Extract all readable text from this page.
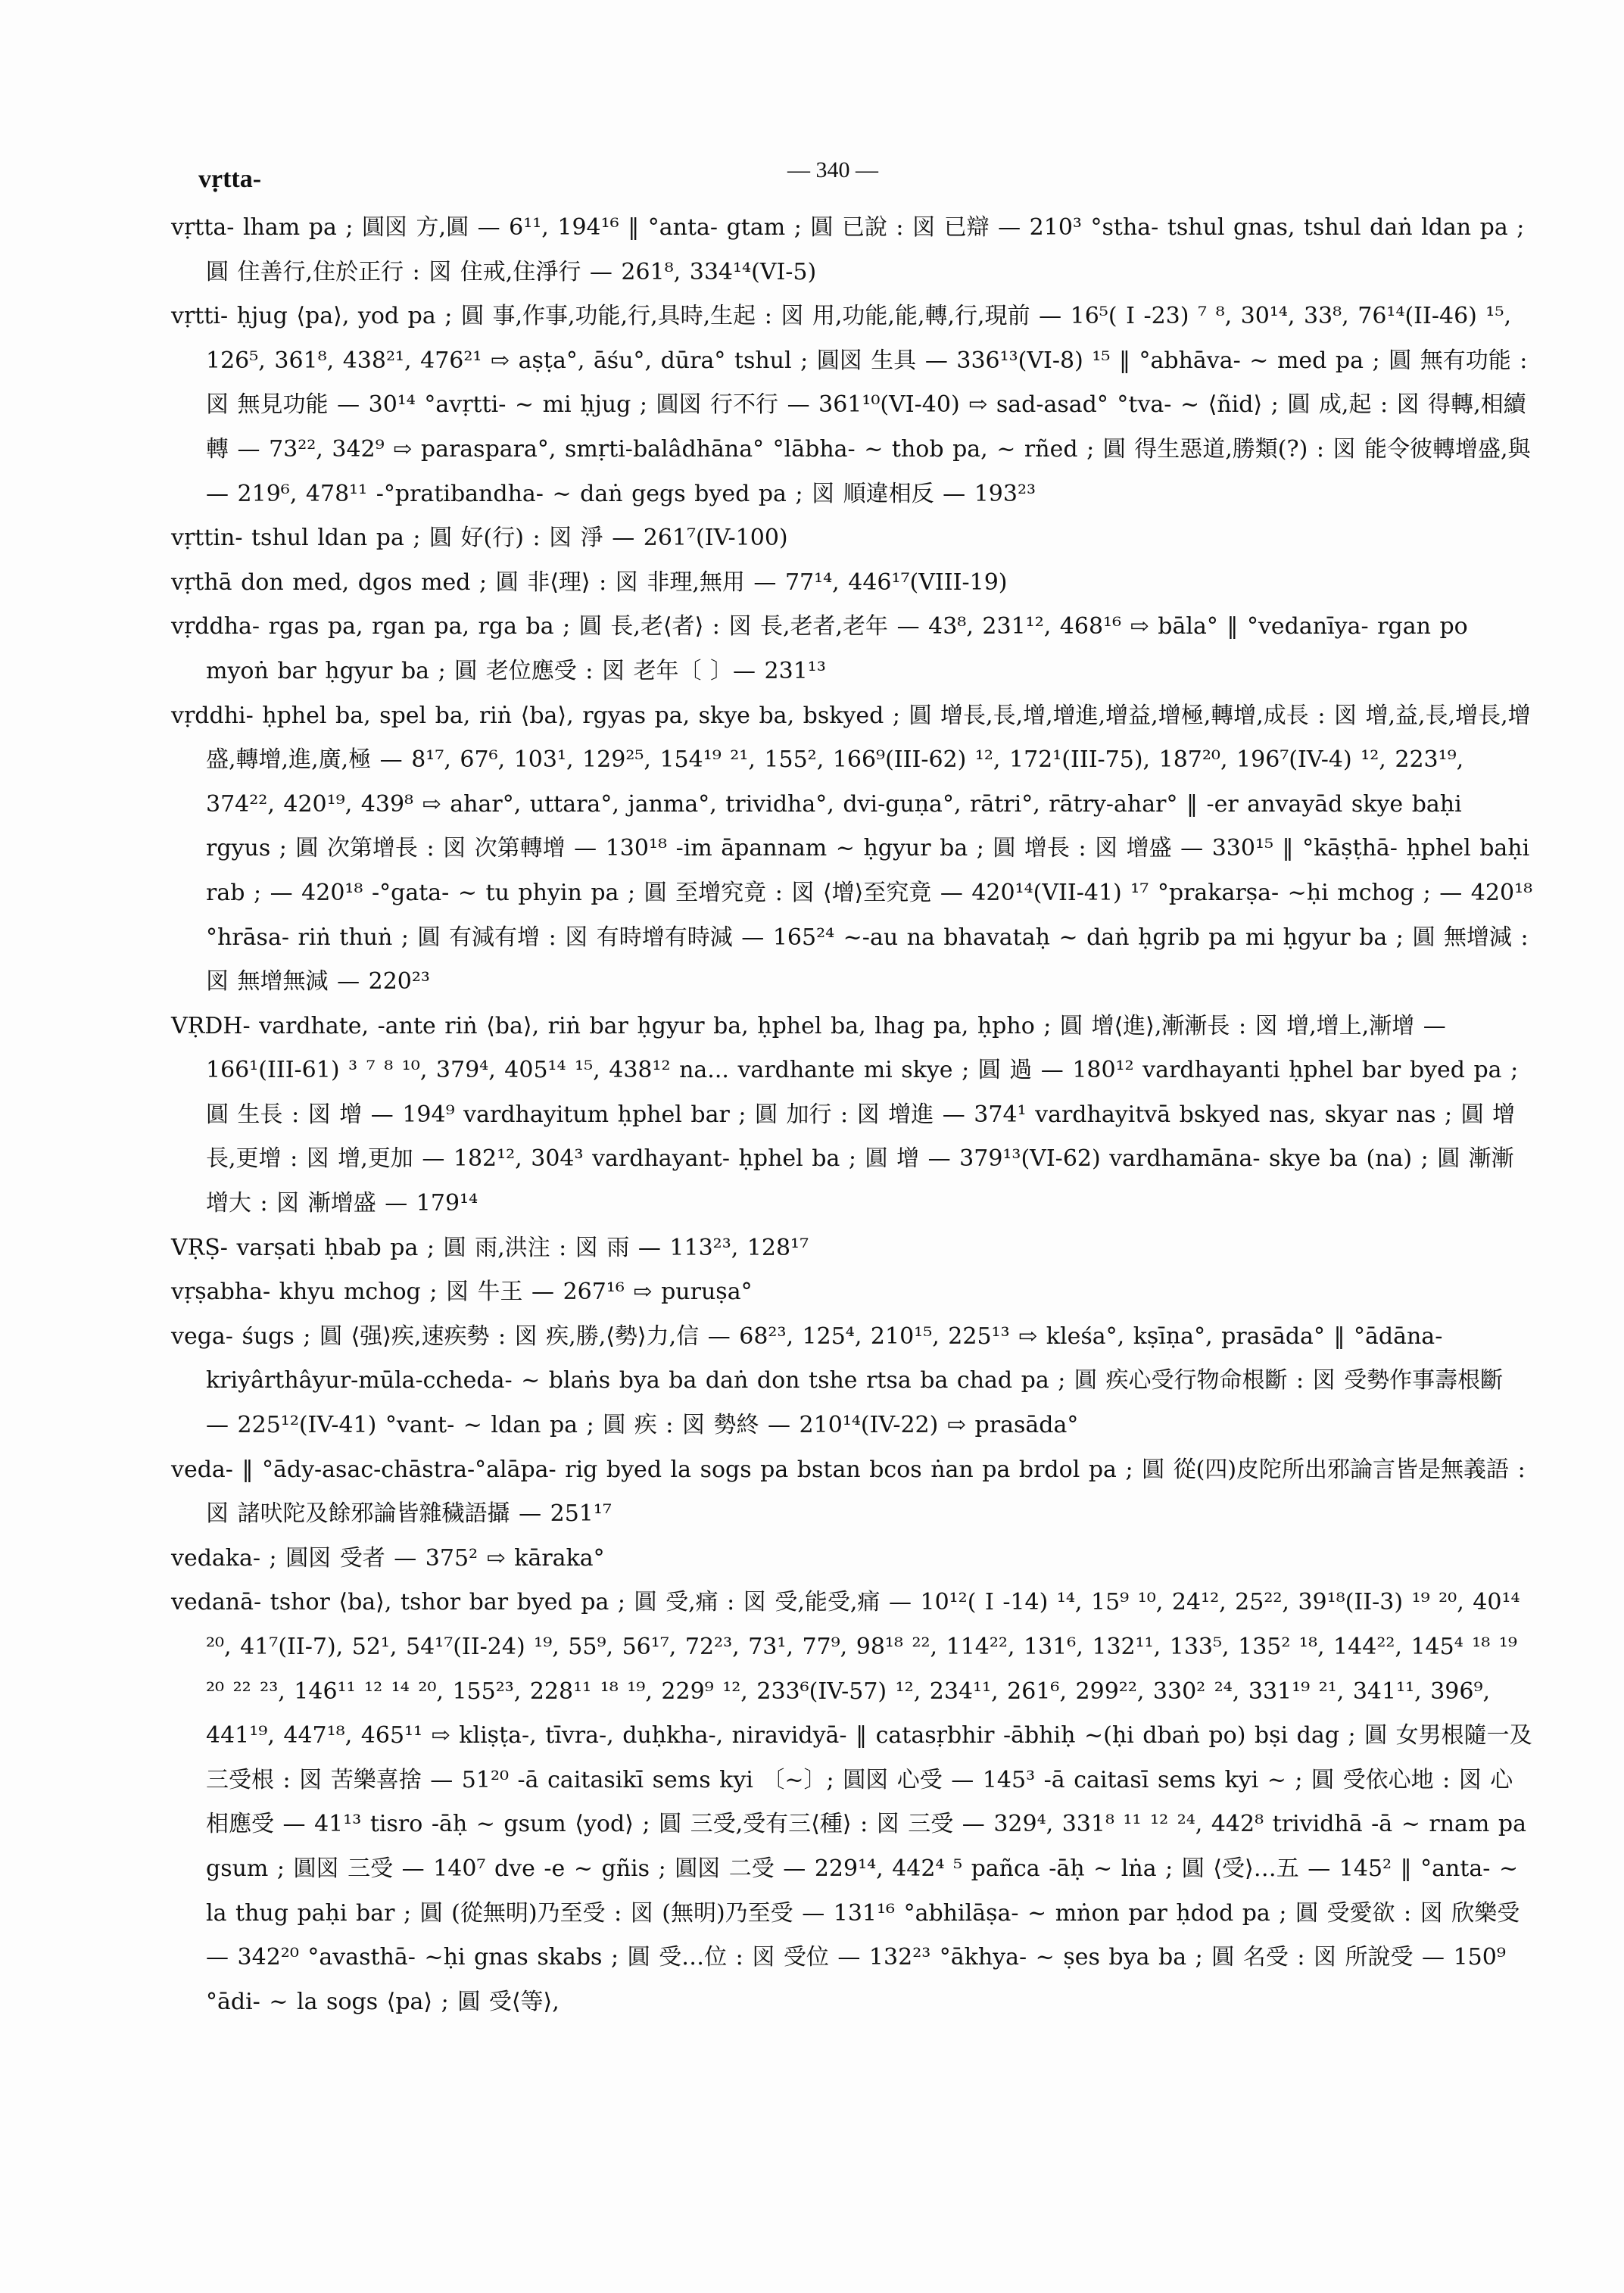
vṛtta-	— 340 —

vṛtta- lham pa ; 圓図 方,圓 — 6¹¹, 194¹⁶ ‖ °anta- gtam ; 圓 已說 : 図 已辯 — 210³ °stha- tshul gnas, tshul daṅ ldan pa ; 圓 住善行,住於正行 : 図 住戒,住淨行 — 261⁸, 334¹⁴(VI-5)

vṛtti- ḥjug ⟨pa⟩, yod pa ; 圓 事,作事,功能,行,具時,生起 : 図 用,功能,能,轉,行,現前 — 16⁵( I -23) ⁷ ⁸, 30¹⁴, 33⁸, 76¹⁴(II-46) ¹⁵, 126⁵, 361⁸, 438²¹, 476²¹ ⇨ aṣṭa°, āśu°, dūra° tshul ; 圓図 生具 — 336¹³(VI-8) ¹⁵ ‖ °abhāva- ~ med pa ; 圓 無有功能 : 図 無見功能 — 30¹⁴ °avṛtti- ~ mi ḥjug ; 圓図 行不行 — 361¹⁰(VI-40) ⇨ sad-asad° °tva- ~ ⟨ñid⟩ ; 圓 成,起 : 図 得轉,相續轉 — 73²², 342⁹ ⇨ paraspara°, smṛti-balâdhāna° °lābha- ~ thob pa, ~ rñed ; 圓 得生惡道,勝類(?) : 図 能令彼轉增盛,與 — 219⁶, 478¹¹ -°pratibandha- ~ daṅ gegs byed pa ; 図 順違相反 — 193²³

vṛttin- tshul ldan pa ; 圓 好(行) : 図 淨 — 261⁷(IV-100)

vṛthā don med, dgos med ; 圓 非⟨理⟩ : 図 非理,無用 — 77¹⁴, 446¹⁷(VIII-19)

vṛddha- rgas pa, rgan pa, rga ba ; 圓 長,老⟨者⟩ : 図 長,老者,老年 — 43⁸, 231¹², 468¹⁶ ⇨ bāla° ‖ °vedanīya- rgan po myoṅ bar ḥgyur ba ; 圓 老位應受 : 図 老年〔 〕— 231¹³

vṛddhi- ḥphel ba, spel ba, riṅ ⟨ba⟩, rgyas pa, skye ba, bskyed ; 圓 增長,長,增,增進,增益,增極,轉增,成長 : 図 增,益,長,增長,增盛,轉增,進,廣,極 — 8¹⁷, 67⁶, 103¹, 129²⁵, 154¹⁹ ²¹, 155², 166⁹(III-62) ¹², 172¹(III-75), 187²⁰, 196⁷(IV-4) ¹², 223¹⁹, 374²², 420¹⁹, 439⁸ ⇨ ahar°, uttara°, janma°, trividha°, dvi-guṇa°, rātri°, rātry-ahar° ‖ -er anvayād skye baḥi rgyus ; 圓 次第增長 : 図 次第轉增 — 130¹⁸ -im āpannam ~ ḥgyur ba ; 圓 增長 : 図 增盛 — 330¹⁵ ‖ °kāṣṭhā- ḥphel baḥi rab ; — 420¹⁸ -°gata- ~ tu phyin pa ; 圓 至增究竟 : 図 ⟨增⟩至究竟 — 420¹⁴(VII-41) ¹⁷ °prakarṣa- ~ḥi mchog ; — 420¹⁸ °hrāsa- riṅ thuṅ ; 圓 有減有增 : 図 有時增有時減 — 165²⁴ ~-au na bhavataḥ ~ daṅ ḥgrib pa mi ḥgyur ba ; 圓 無增減 : 図 無增無減 — 220²³

VṚDH- vardhate, -ante riṅ ⟨ba⟩, riṅ bar ḥgyur ba, ḥphel ba, lhag pa, ḥpho ; 圓 增⟨進⟩,漸漸長 : 図 增,增上,漸增 — 166¹(III-61) ³ ⁷ ⁸ ¹⁰, 379⁴, 405¹⁴ ¹⁵, 438¹² na... vardhante mi skye ; 圓 過 — 180¹² vardhayanti ḥphel bar byed pa ; 圓 生長 : 図 增 — 194⁹ vardhayitum ḥphel bar ; 圓 加行 : 図 增進 — 374¹ vardhayitvā bskyed nas, skyar nas ; 圓 增長,更增 : 図 增,更加 — 182¹², 304³ vardhayant- ḥphel ba ; 圓 增 — 379¹³(VI-62) vardhamāna- skye ba (na) ; 圓 漸漸增大 : 図 漸增盛 — 179¹⁴

VṚṢ- varṣati ḥbab pa ; 圓 雨,洪注 : 図 雨 — 113²³, 128¹⁷

vṛṣabha- khyu mchog ; 図 牛王 — 267¹⁶ ⇨ puruṣa°

vega- śugs ; 圓 ⟨强⟩疾,速疾勢 : 図 疾,勝,⟨勢⟩力,信 — 68²³, 125⁴, 210¹⁵, 225¹³ ⇨ kleśa°, kṣīṇa°, prasāda° ‖ °ādāna-kriyârthâyur-mūla-ccheda- ~ blaṅs bya ba daṅ don tshe rtsa ba chad pa ; 圓 疾心受行物命根斷 : 図 受勢作事壽根斷 — 225¹²(IV-41) °vant- ~ ldan pa ; 圓 疾 : 図 勢終 — 210¹⁴(IV-22) ⇨ prasāda°

veda- ‖ °ādy-asac-chāstra-°alāpa- rig byed la sogs pa bstan bcos ṅan pa brdol pa ; 圓 從(四)皮陀所出邪論言皆是無義語 : 図 諸吠陀及餘邪論皆雜穢語攝 — 251¹⁷

vedaka- ; 圓図 受者 — 375² ⇨ kāraka°

vedanā- tshor ⟨ba⟩, tshor bar byed pa ; 圓 受,痛 : 図 受,能受,痛 — 10¹²( I -14) ¹⁴, 15⁹ ¹⁰, 24¹², 25²², 39¹⁸(II-3) ¹⁹ ²⁰, 40¹⁴ ²⁰, 41⁷(II-7), 52¹, 54¹⁷(II-24) ¹⁹, 55⁹, 56¹⁷, 72²³, 73¹, 77⁹, 98¹⁸ ²², 114²², 131⁶, 132¹¹, 133⁵, 135² ¹⁸, 144²², 145⁴ ¹⁸ ¹⁹ ²⁰ ²² ²³, 146¹¹ ¹² ¹⁴ ²⁰, 155²³, 228¹¹ ¹⁸ ¹⁹, 229⁹ ¹², 233⁶(IV-57) ¹², 234¹¹, 261⁶, 299²², 330² ²⁴, 331¹⁹ ²¹, 341¹¹, 396⁹, 441¹⁹, 447¹⁸, 465¹¹ ⇨ kliṣṭa-, tīvra-, duḥkha-, niravidyā- ‖ catasṛbhir -ābhiḥ ~(ḥi dbaṅ po) bṣi dag ; 圓 女男根隨一及三受根 : 図 苦樂喜捨 — 51²⁰ -ā caitasikī sems kyi 〔~〕; 圓図 心受 — 145³ -ā caitasī sems kyi ~ ; 圓 受依心地 : 図 心相應受 — 41¹³ tisro -āḥ ~ gsum ⟨yod⟩ ; 圓 三受,受有三⟨種⟩ : 図 三受 — 329⁴, 331⁸ ¹¹ ¹² ²⁴, 442⁸ trividhā -ā ~ rnam pa gsum ; 圓図 三受 — 140⁷ dve -e ~ gñis ; 圓図 二受 — 229¹⁴, 442⁴ ⁵ pañca -āḥ ~ lṅa ; 圓 ⟨受⟩…五 — 145² ‖ °anta- ~ la thug paḥi bar ; 圓 (從無明)乃至受 : 図 (無明)乃至受 — 131¹⁶ °abhilāṣa- ~ mṅon par ḥdod pa ; 圓 受愛欲 : 図 欣樂受 — 342²⁰ °avasthā- ~ḥi gnas skabs ; 圓 受…位 : 図 受位 — 132²³ °ākhya- ~ ṣes bya ba ; 圓 名受 : 図 所說受 — 150⁹ °ādi- ~ la sogs ⟨pa⟩ ; 圓 受⟨等⟩,
